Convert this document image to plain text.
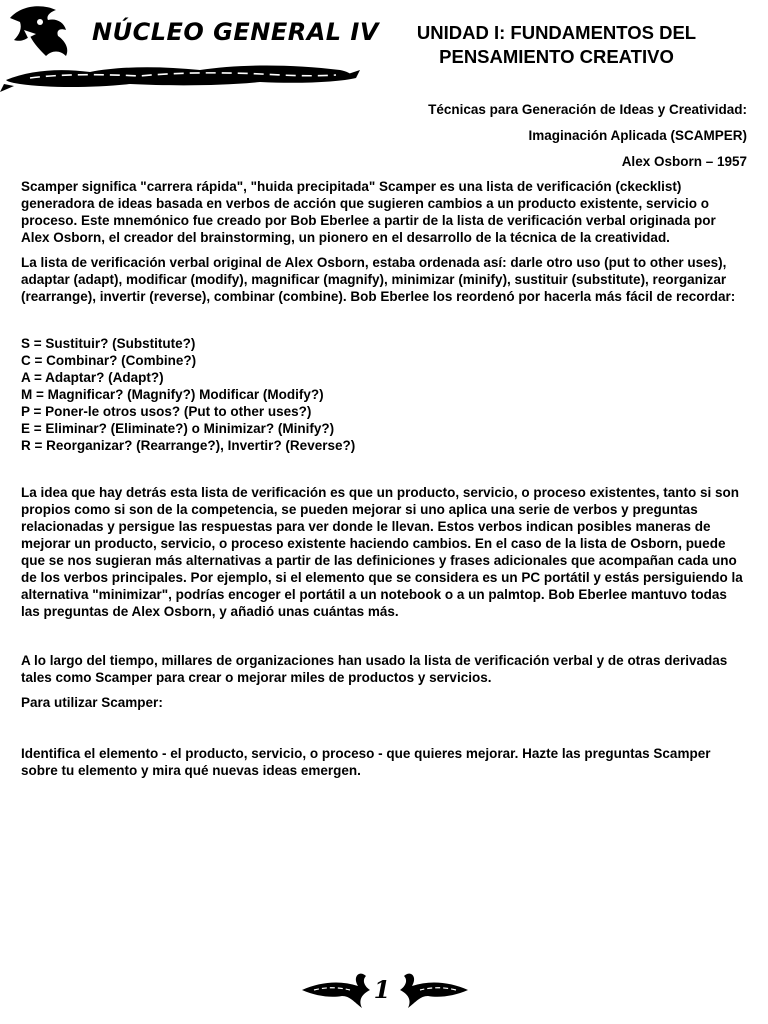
NÚCLEO GENERAL IV	UNIDAD I: FUNDAMENTOS DEL
PENSAMIENTO CREATIVO
Técnicas para Generación de Ideas y Creatividad:
Imaginación Aplicada (SCAMPER)
Alex Osborn – 1957

Scamper significa "carrera rápida", "huida precipitada" Scamper es una lista de verificación (ckecklist) generadora de ideas basada en verbos de acción que sugieren cambios a un producto existente, servicio o proceso. Este mnemónico fue creado por Bob Eberlee a partir de la lista de verificación verbal originada por Alex Osborn, el creador del brainstorming, un pionero en el desarrollo de la técnica de la creatividad.

La lista de verificación verbal original de Alex Osborn, estaba ordenada así: darle otro uso (put to other uses), adaptar (adapt), modificar (modify), magnificar (magnify), minimizar (minify), sustituir (substitute), reorganizar (rearrange), invertir (reverse), combinar (combine). Bob Eberlee los reordenó por hacerla más fácil de recordar:

S = Sustituir? (Substitute?)
C = Combinar? (Combine?)
A = Adaptar? (Adapt?)
M = Magnificar? (Magnify?) Modificar (Modify?)
P = Poner-le otros usos? (Put to other uses?)
E = Eliminar? (Eliminate?) o Minimizar? (Minify?)
R = Reorganizar? (Rearrange?), Invertir? (Reverse?)

La idea que hay detrás esta lista de verificación es que un producto, servicio, o proceso existentes, tanto si son propios como si son de la competencia, se pueden mejorar si uno aplica una serie de verbos y preguntas relacionadas y persigue las respuestas para ver donde le llevan. Estos verbos indican posibles maneras de mejorar un producto, servicio, o proceso existente haciendo cambios. En el caso de la lista de Osborn, puede que se nos sugieran más alternativas a partir de las definiciones y frases adicionales que acompañan cada uno de los verbos principales. Por ejemplo, si el elemento que se considera es un PC portátil y estás persiguiendo la alternativa "minimizar", podrías encoger el portátil a un notebook o a un palmtop. Bob Eberlee mantuvo todas las preguntas de Alex Osborn, y añadió unas cuántas más.

A lo largo del tiempo, millares de organizaciones han usado la lista de verificación verbal y de otras derivadas tales como Scamper para crear o mejorar miles de productos y servicios.

Para utilizar Scamper:

Identifica el elemento - el producto, servicio, o proceso - que quieres mejorar. Hazte las preguntas Scamper sobre tu elemento y mira qué nuevas ideas emergen.

1
